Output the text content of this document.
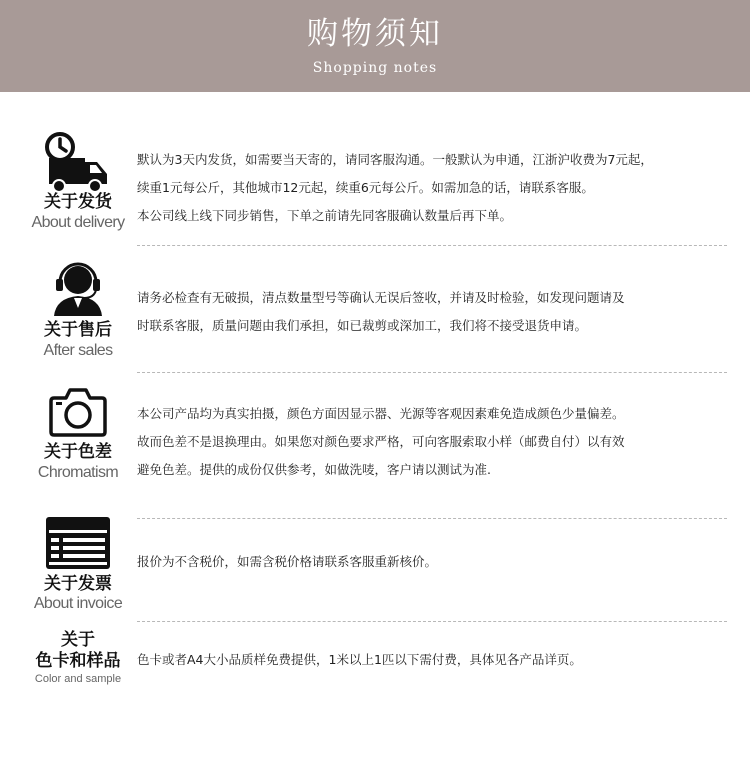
购物须知
Shopping notes
关于发货
About delivery

默认为3天内发货，如需要当天寄的，请同客服沟通。一般默认为申通，江浙沪收费为7元起，

续重1元每公斤，其他城市12元起，续重6元每公斤。如需加急的话，请联系客服。

本公司线上线下同步销售，下单之前请先同客服确认数量后再下单。

关于售后
After sales

请务必检查有无破损，清点数量型号等确认无误后签收，并请及时检验，如发现问题请及

时联系客服，质量问题由我们承担，如已裁剪或深加工，我们将不接受退货申请。

关于色差
Chromatism

本公司产品均为真实拍摄，颜色方面因显示器、光源等客观因素难免造成颜色少量偏差。

故而色差不是退换理由。如果您对颜色要求严格，可向客服索取小样（邮费自付）以有效

避免色差。提供的成份仅供参考，如做洗唛，客户请以测试为准.

关于发票
About invoice

报价为不含税价，如需含税价格请联系客服重新核价。

关于
色卡和样品
Color and sample

色卡或者A4大小品质样免费提供，1米以上1匹以下需付费，具体见各产品详页。
